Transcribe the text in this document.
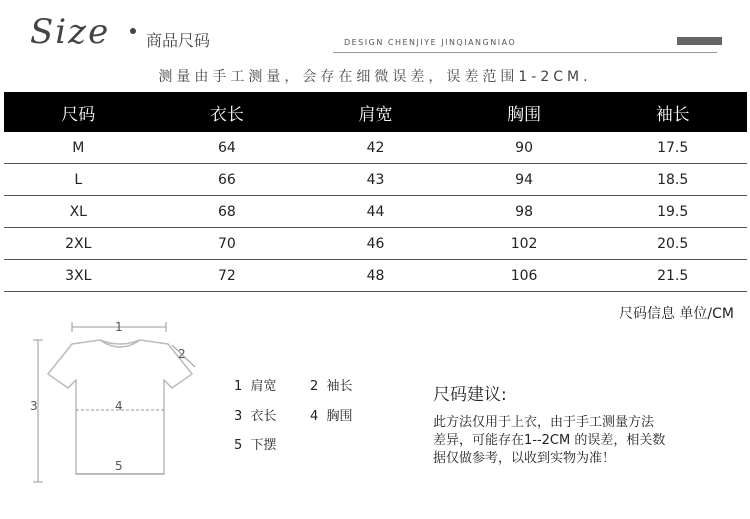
Size 商品尺码	DESIGN CHENJIYE JINQIANGNIAO
测量由手工测量，会存在细微误差，误差范围1-2CM.
尺码	衣长	肩宽	胸围	袖长
M	64	42	90	17.5
L	66	43	94	18.5
XL	68	44	98	19.5
2XL	70	46	102	20.5
3XL	72	48	106	21.5
尺码信息 单位/CM
1
2
3	4
5
1 肩宽	2 袖长
3 衣长	4 胸围
5 下摆
尺码建议:
此方法仅用于上衣，由于手工测量方法
差异，可能存在1--2CM 的误差，相关数
据仅做参考，以收到实物为准！
